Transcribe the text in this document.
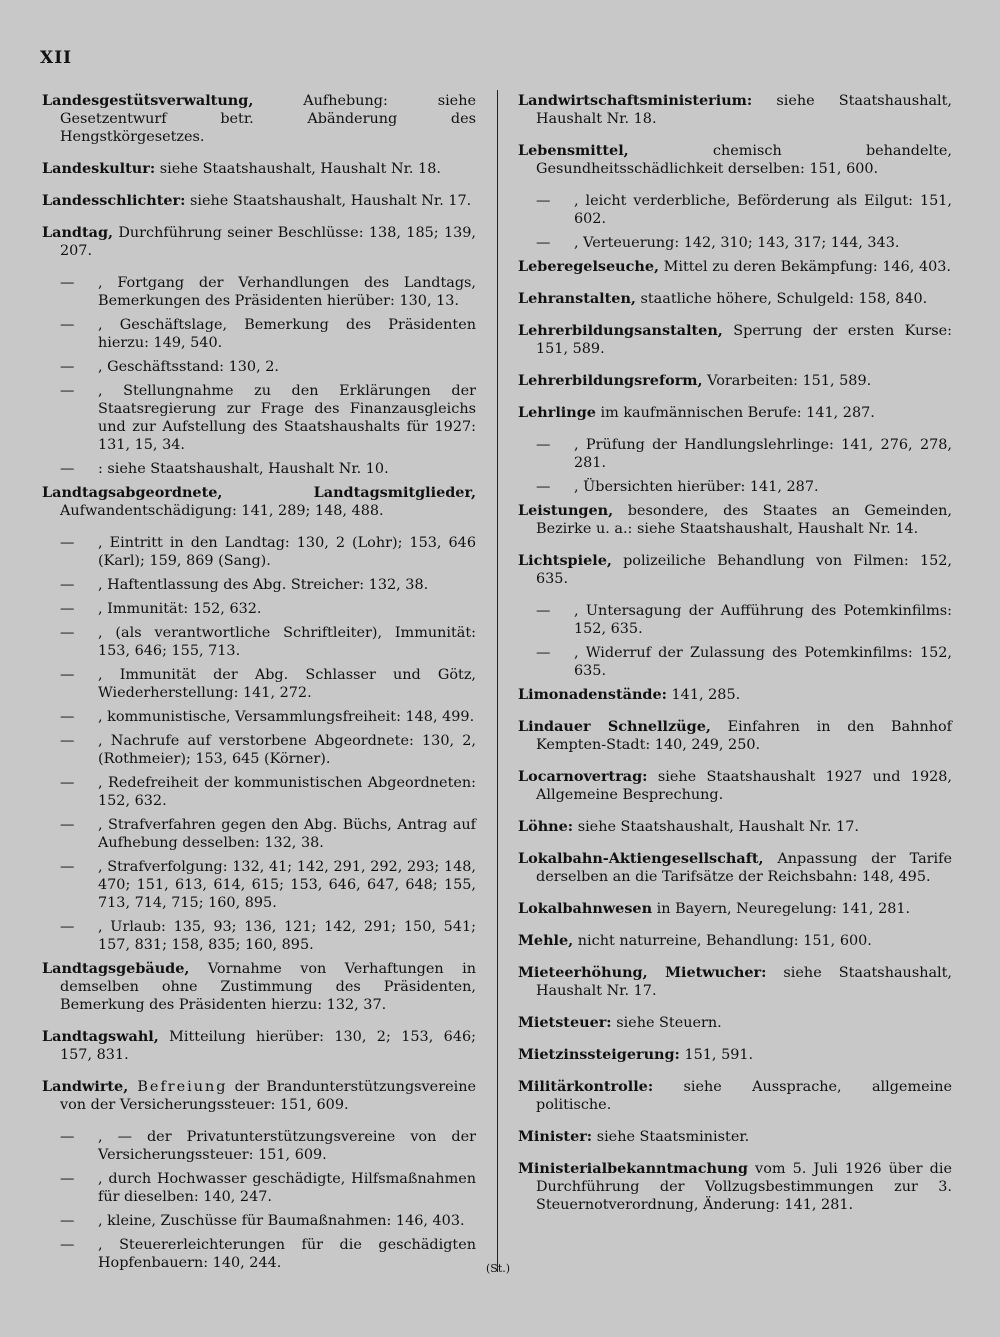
XII
Landesgestütsverwaltung, Aufhebung: siehe Gesetzentwurf betr. Abänderung des Hengstkörgesetzes.
Landeskultur: siehe Staatshaushalt, Haushalt Nr. 18.
Landesschlichter: siehe Staatshaushalt, Haushalt Nr. 17.
Landtag, Durchführung seiner Beschlüsse: 138, 185; 139, 207.
— , Fortgang der Verhandlungen des Landtags, Bemerkungen des Präsidenten hierüber: 130, 13.
— , Geschäftslage, Bemerkung des Präsidenten hierzu: 149, 540.
— , Geschäftsstand: 130, 2.
— , Stellungnahme zu den Erklärungen der Staatsregierung zur Frage des Finanzausgleichs und zur Aufstellung des Staatshaushalts für 1927: 131, 15, 34.
— : siehe Staatshaushalt, Haushalt Nr. 10.
Landtagsabgeordnete, Landtagsmitglieder, Aufwandentschädigung: 141, 289; 148, 488.
— , Eintritt in den Landtag: 130, 2 (Lohr); 153, 646 (Karl); 159, 869 (Sang).
— , Haftentlassung des Abg. Streicher: 132, 38.
— , Immunität: 152, 632.
— , (als verantwortliche Schriftleiter), Immunität: 153, 646; 155, 713.
— , Immunität der Abg. Schlasser und Götz, Wiederherstellung: 141, 272.
— , kommunistische, Versammlungsfreiheit: 148, 499.
— , Nachrufe auf verstorbene Abgeordnete: 130, 2, (Rothmeier); 153, 645 (Körner).
— , Redefreiheit der kommunistischen Abgeordneten: 152, 632.
— , Strafverfahren gegen den Abg. Büchs, Antrag auf Aufhebung desselben: 132, 38.
— , Strafverfolgung: 132, 41; 142, 291, 292, 293; 148, 470; 151, 613, 614, 615; 153, 646, 647, 648; 155, 713, 714, 715; 160, 895.
— , Urlaub: 135, 93; 136, 121; 142, 291; 150, 541; 157, 831; 158, 835; 160, 895.
Landtagsgebäude, Vornahme von Verhaftungen in demselben ohne Zustimmung des Präsidenten, Bemerkung des Präsidenten hierzu: 132, 37.
Landtagswahl, Mitteilung hierüber: 130, 2; 153, 646; 157, 831.
Landwirte, Befreiung der Brandunterstützungsvereine von der Versicherungssteuer: 151, 609.
— , — der Privatunterstützungsvereine von der Versicherungssteuer: 151, 609.
— , durch Hochwasser geschädigte, Hilfsmaßnahmen für dieselben: 140, 247.
— , kleine, Zuschüsse für Baumaßnahmen: 146, 403.
— , Steuererleichterungen für die geschädigten Hopfenbauern: 140, 244.
Landwirtschaftsministerium: siehe Staatshaushalt, Haushalt Nr. 18.
Lebensmittel, chemisch behandelte, Gesundheitsschädlichkeit derselben: 151, 600.
— , leicht verderbliche, Beförderung als Eilgut: 151, 602.
— , Verteuerung: 142, 310; 143, 317; 144, 343.
Leberegelseuche, Mittel zu deren Bekämpfung: 146, 403.
Lehranstalten, staatliche höhere, Schulgeld: 158, 840.
Lehrerbildungsanstalten, Sperrung der ersten Kurse: 151, 589.
Lehrerbildungsreform, Vorarbeiten: 151, 589.
Lehrlinge im kaufmännischen Berufe: 141, 287.
— , Prüfung der Handlungslehrlinge: 141, 276, 278, 281.
— , Übersichten hierüber: 141, 287.
Leistungen, besondere, des Staates an Gemeinden, Bezirke u. a.: siehe Staatshaushalt, Haushalt Nr. 14.
Lichtspiele, polizeiliche Behandlung von Filmen: 152, 635.
— , Untersagung der Aufführung des Potemkinfilms: 152, 635.
— , Widerruf der Zulassung des Potemkinfilms: 152, 635.
Limonadenstände: 141, 285.
Lindauer Schnellzüge, Einfahren in den Bahnhof Kempten-Stadt: 140, 249, 250.
Locarnovertrag: siehe Staatshaushalt 1927 und 1928, Allgemeine Besprechung.
Löhne: siehe Staatshaushalt, Haushalt Nr. 17.
Lokalbahn-Aktiengesellschaft, Anpassung der Tarife derselben an die Tarifsätze der Reichsbahn: 148, 495.
Lokalbahnwesen in Bayern, Neuregelung: 141, 281.
Mehle, nicht naturreine, Behandlung: 151, 600.
Mieteerhöhung, Mietwucher: siehe Staatshaushalt, Haushalt Nr. 17.
Mietsteuer: siehe Steuern.
Mietzinssteigerung: 151, 591.
Militärkontrolle: siehe Aussprache, allgemeine politische.
Minister: siehe Staatsminister.
Ministerialbekanntmachung vom 5. Juli 1926 über die Durchführung der Vollzugsbestimmungen zur 3. Steuernotverordnung, Änderung: 141, 281.
(St.)
